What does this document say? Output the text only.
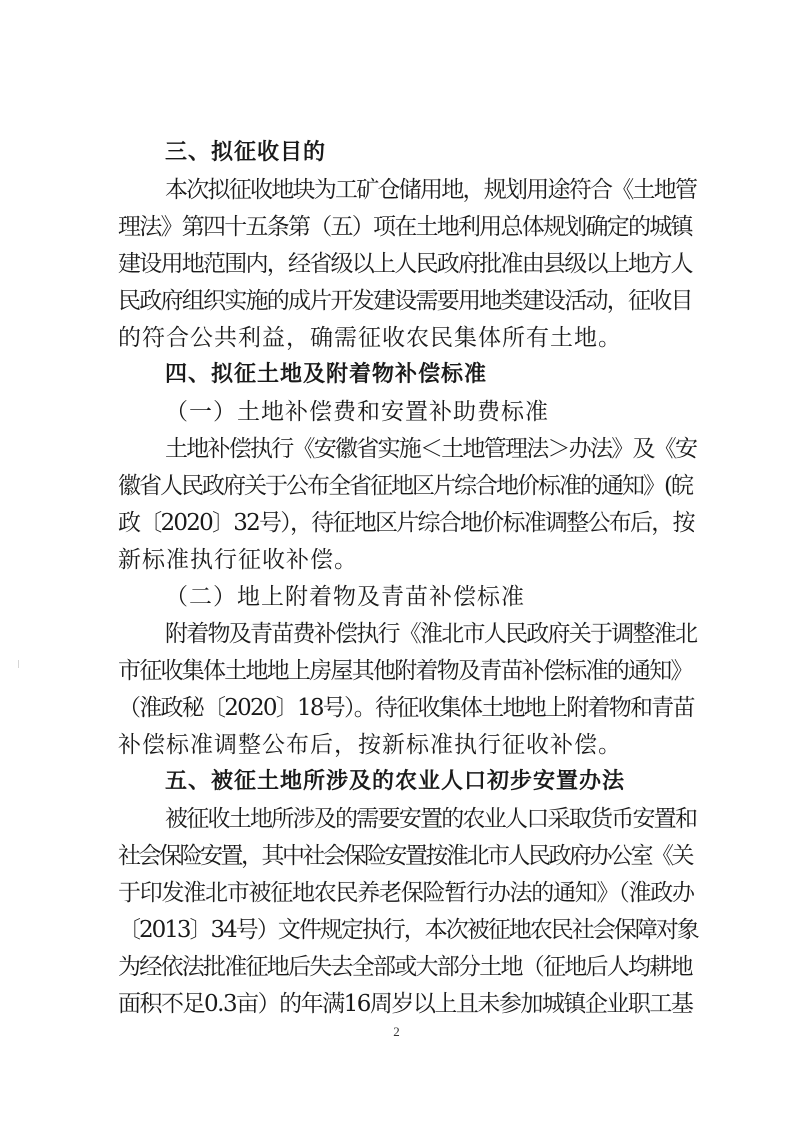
三、拟征收目的
本次拟征收地块为工矿仓储用地，规划用途符合《土地管
理法》第四十五条第（五）项在土地利用总体规划确定的城镇
建设用地范围内，经省级以上人民政府批准由县级以上地方人
民政府组织实施的成片开发建设需要用地类建设活动，征收目
的符合公共利益，确需征收农民集体所有土地。
四、拟征土地及附着物补偿标准
（一）土地补偿费和安置补助费标准
土地补偿执行《安徽省实施＜土地管理法＞办法》及《安
徽省人民政府关于公布全省征地区片综合地价标准的通知》(皖
政〔2020〕32号），待征地区片综合地价标准调整公布后，按
新标准执行征收补偿。
（二）地上附着物及青苗补偿标准
附着物及青苗费补偿执行《淮北市人民政府关于调整淮北
市征收集体土地地上房屋其他附着物及青苗补偿标准的通知》
（淮政秘〔2020〕18号）。待征收集体土地地上附着物和青苗
补偿标准调整公布后，按新标准执行征收补偿。
五、被征土地所涉及的农业人口初步安置办法
被征收土地所涉及的需要安置的农业人口采取货币安置和
社会保险安置，其中社会保险安置按淮北市人民政府办公室《关
于印发淮北市被征地农民养老保险暂行办法的通知》（淮政办
〔2013〕34号）文件规定执行，本次被征地农民社会保障对象
为经依法批准征地后失去全部或大部分土地（征地后人均耕地
面积不足0.3亩）的年满16周岁以上且未参加城镇企业职工基
2
